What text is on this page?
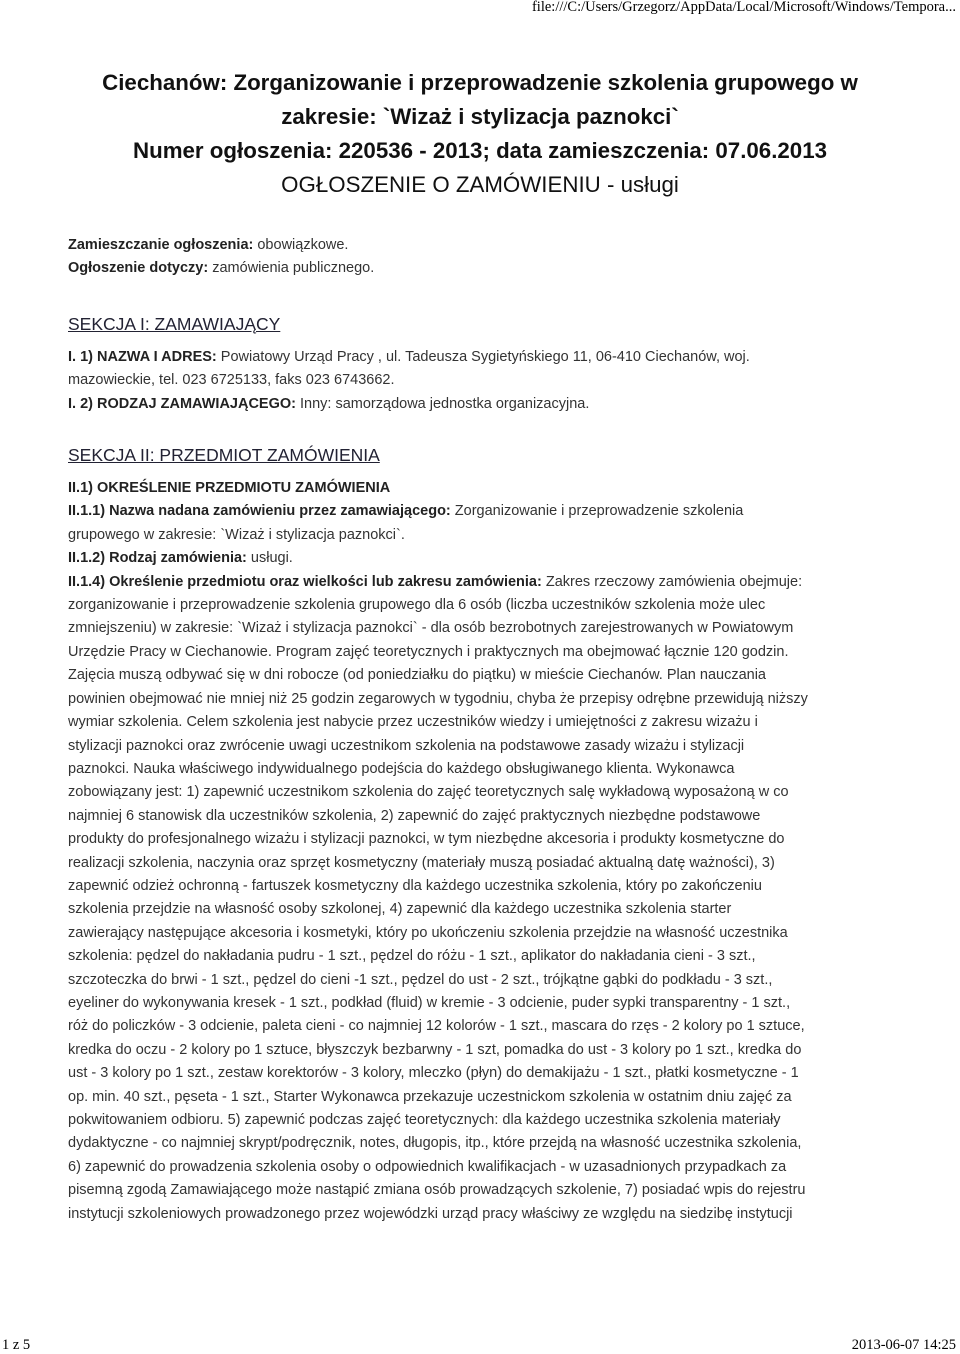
file:///C:/Users/Grzegorz/AppData/Local/Microsoft/Windows/Tempora...
Ciechanów: Zorganizowanie i przeprowadzenie szkolenia grupowego w
zakresie: `Wizaż i stylizacja paznokci`
Numer ogłoszenia: 220536 - 2013; data zamieszczenia: 07.06.2013
OGŁOSZENIE O ZAMÓWIENIU - usługi
Zamieszczanie ogłoszenia: obowiązkowe.
Ogłoszenie dotyczy: zamówienia publicznego.
SEKCJA I: ZAMAWIAJĄCY
I. 1) NAZWA I ADRES: Powiatowy Urząd Pracy , ul. Tadeusza Sygietyńskiego 11, 06-410 Ciechanów, woj.
mazowieckie, tel. 023 6725133, faks 023 6743662.
I. 2) RODZAJ ZAMAWIAJĄCEGO: Inny: samorządowa jednostka organizacyjna.
SEKCJA II: PRZEDMIOT ZAMÓWIENIA
II.1) OKREŚLENIE PRZEDMIOTU ZAMÓWIENIA
II.1.1) Nazwa nadana zamówieniu przez zamawiającego: Zorganizowanie i przeprowadzenie szkolenia
grupowego w zakresie: `Wizaż i stylizacja paznokci`.
II.1.2) Rodzaj zamówienia: usługi.
II.1.4) Określenie przedmiotu oraz wielkości lub zakresu zamówienia: Zakres rzeczowy zamówienia obejmuje:
zorganizowanie i przeprowadzenie szkolenia grupowego dla 6 osób (liczba uczestników szkolenia może ulec
zmniejszeniu) w zakresie: `Wizaż i stylizacja paznokci` - dla osób bezrobotnych zarejestrowanych w Powiatowym
Urzędzie Pracy w Ciechanowie. Program zajęć teoretycznych i praktycznych ma obejmować łącznie 120 godzin.
Zajęcia muszą odbywać się w dni robocze (od poniedziałku do piątku) w mieście Ciechanów. Plan nauczania
powinien obejmować nie mniej niż 25 godzin zegarowych w tygodniu, chyba że przepisy odrębne przewidują niższy
wymiar szkolenia. Celem szkolenia jest nabycie przez uczestników wiedzy i umiejętności z zakresu wizażu i
stylizacji paznokci oraz zwrócenie uwagi uczestnikom szkolenia na podstawowe zasady wizażu i stylizacji
paznokci. Nauka właściwego indywidualnego podejścia do każdego obsługiwanego klienta. Wykonawca
zobowiązany jest: 1) zapewnić uczestnikom szkolenia do zajęć teoretycznych salę wykładową wyposażoną w co
najmniej 6 stanowisk dla uczestników szkolenia, 2) zapewnić do zajęć praktycznych niezbędne podstawowe
produkty do profesjonalnego wizażu i stylizacji paznokci, w tym niezbędne akcesoria i produkty kosmetyczne do
realizacji szkolenia, naczynia oraz sprzęt kosmetyczny (materiały muszą posiadać aktualną datę ważności), 3)
zapewnić odzież ochronną - fartuszek kosmetyczny dla każdego uczestnika szkolenia, który po zakończeniu
szkolenia przejdzie na własność osoby szkolonej, 4) zapewnić dla każdego uczestnika szkolenia starter
zawierający następujące akcesoria i kosmetyki, który po ukończeniu szkolenia przejdzie na własność uczestnika
szkolenia: pędzel do nakładania pudru - 1 szt., pędzel do różu - 1 szt., aplikator do nakładania cieni - 3 szt.,
szczoteczka do brwi - 1 szt., pędzel do cieni -1 szt., pędzel do ust - 2 szt., trójkątne gąbki do podkładu - 3 szt.,
eyeliner do wykonywania kresek - 1 szt., podkład (fluid) w kremie - 3 odcienie, puder sypki transparentny - 1 szt.,
róż do policzków - 3 odcienie, paleta cieni - co najmniej 12 kolorów - 1 szt., mascara do rzęs - 2 kolory po 1 sztuce,
kredka do oczu - 2 kolory po 1 sztuce, błyszczyk bezbarwny - 1 szt, pomadka do ust - 3 kolory po 1 szt., kredka do
ust - 3 kolory po 1 szt., zestaw korektorów - 3 kolory, mleczko (płyn) do demakijażu - 1 szt., płatki kosmetyczne - 1
op. min. 40 szt., pęseta - 1 szt., Starter Wykonawca przekazuje uczestnickom szkolenia w ostatnim dniu zajęć za
pokwitowaniem odbioru. 5) zapewnić podczas zajęć teoretycznych: dla każdego uczestnika szkolenia materiały
dydaktyczne - co najmniej skrypt/podręcznik, notes, długopis, itp., które przejdą na własność uczestnika szkolenia,
6) zapewnić do prowadzenia szkolenia osoby o odpowiednich kwalifikacjach - w uzasadnionych przypadkach za
pisemną zgodą Zamawiającego może nastąpić zmiana osób prowadzących szkolenie, 7) posiadać wpis do rejestru
instytucji szkoleniowych prowadzonego przez wojewódzki urząd pracy właściwy ze względu na siedzibę instytucji
1 z 5	2013-06-07 14:25
